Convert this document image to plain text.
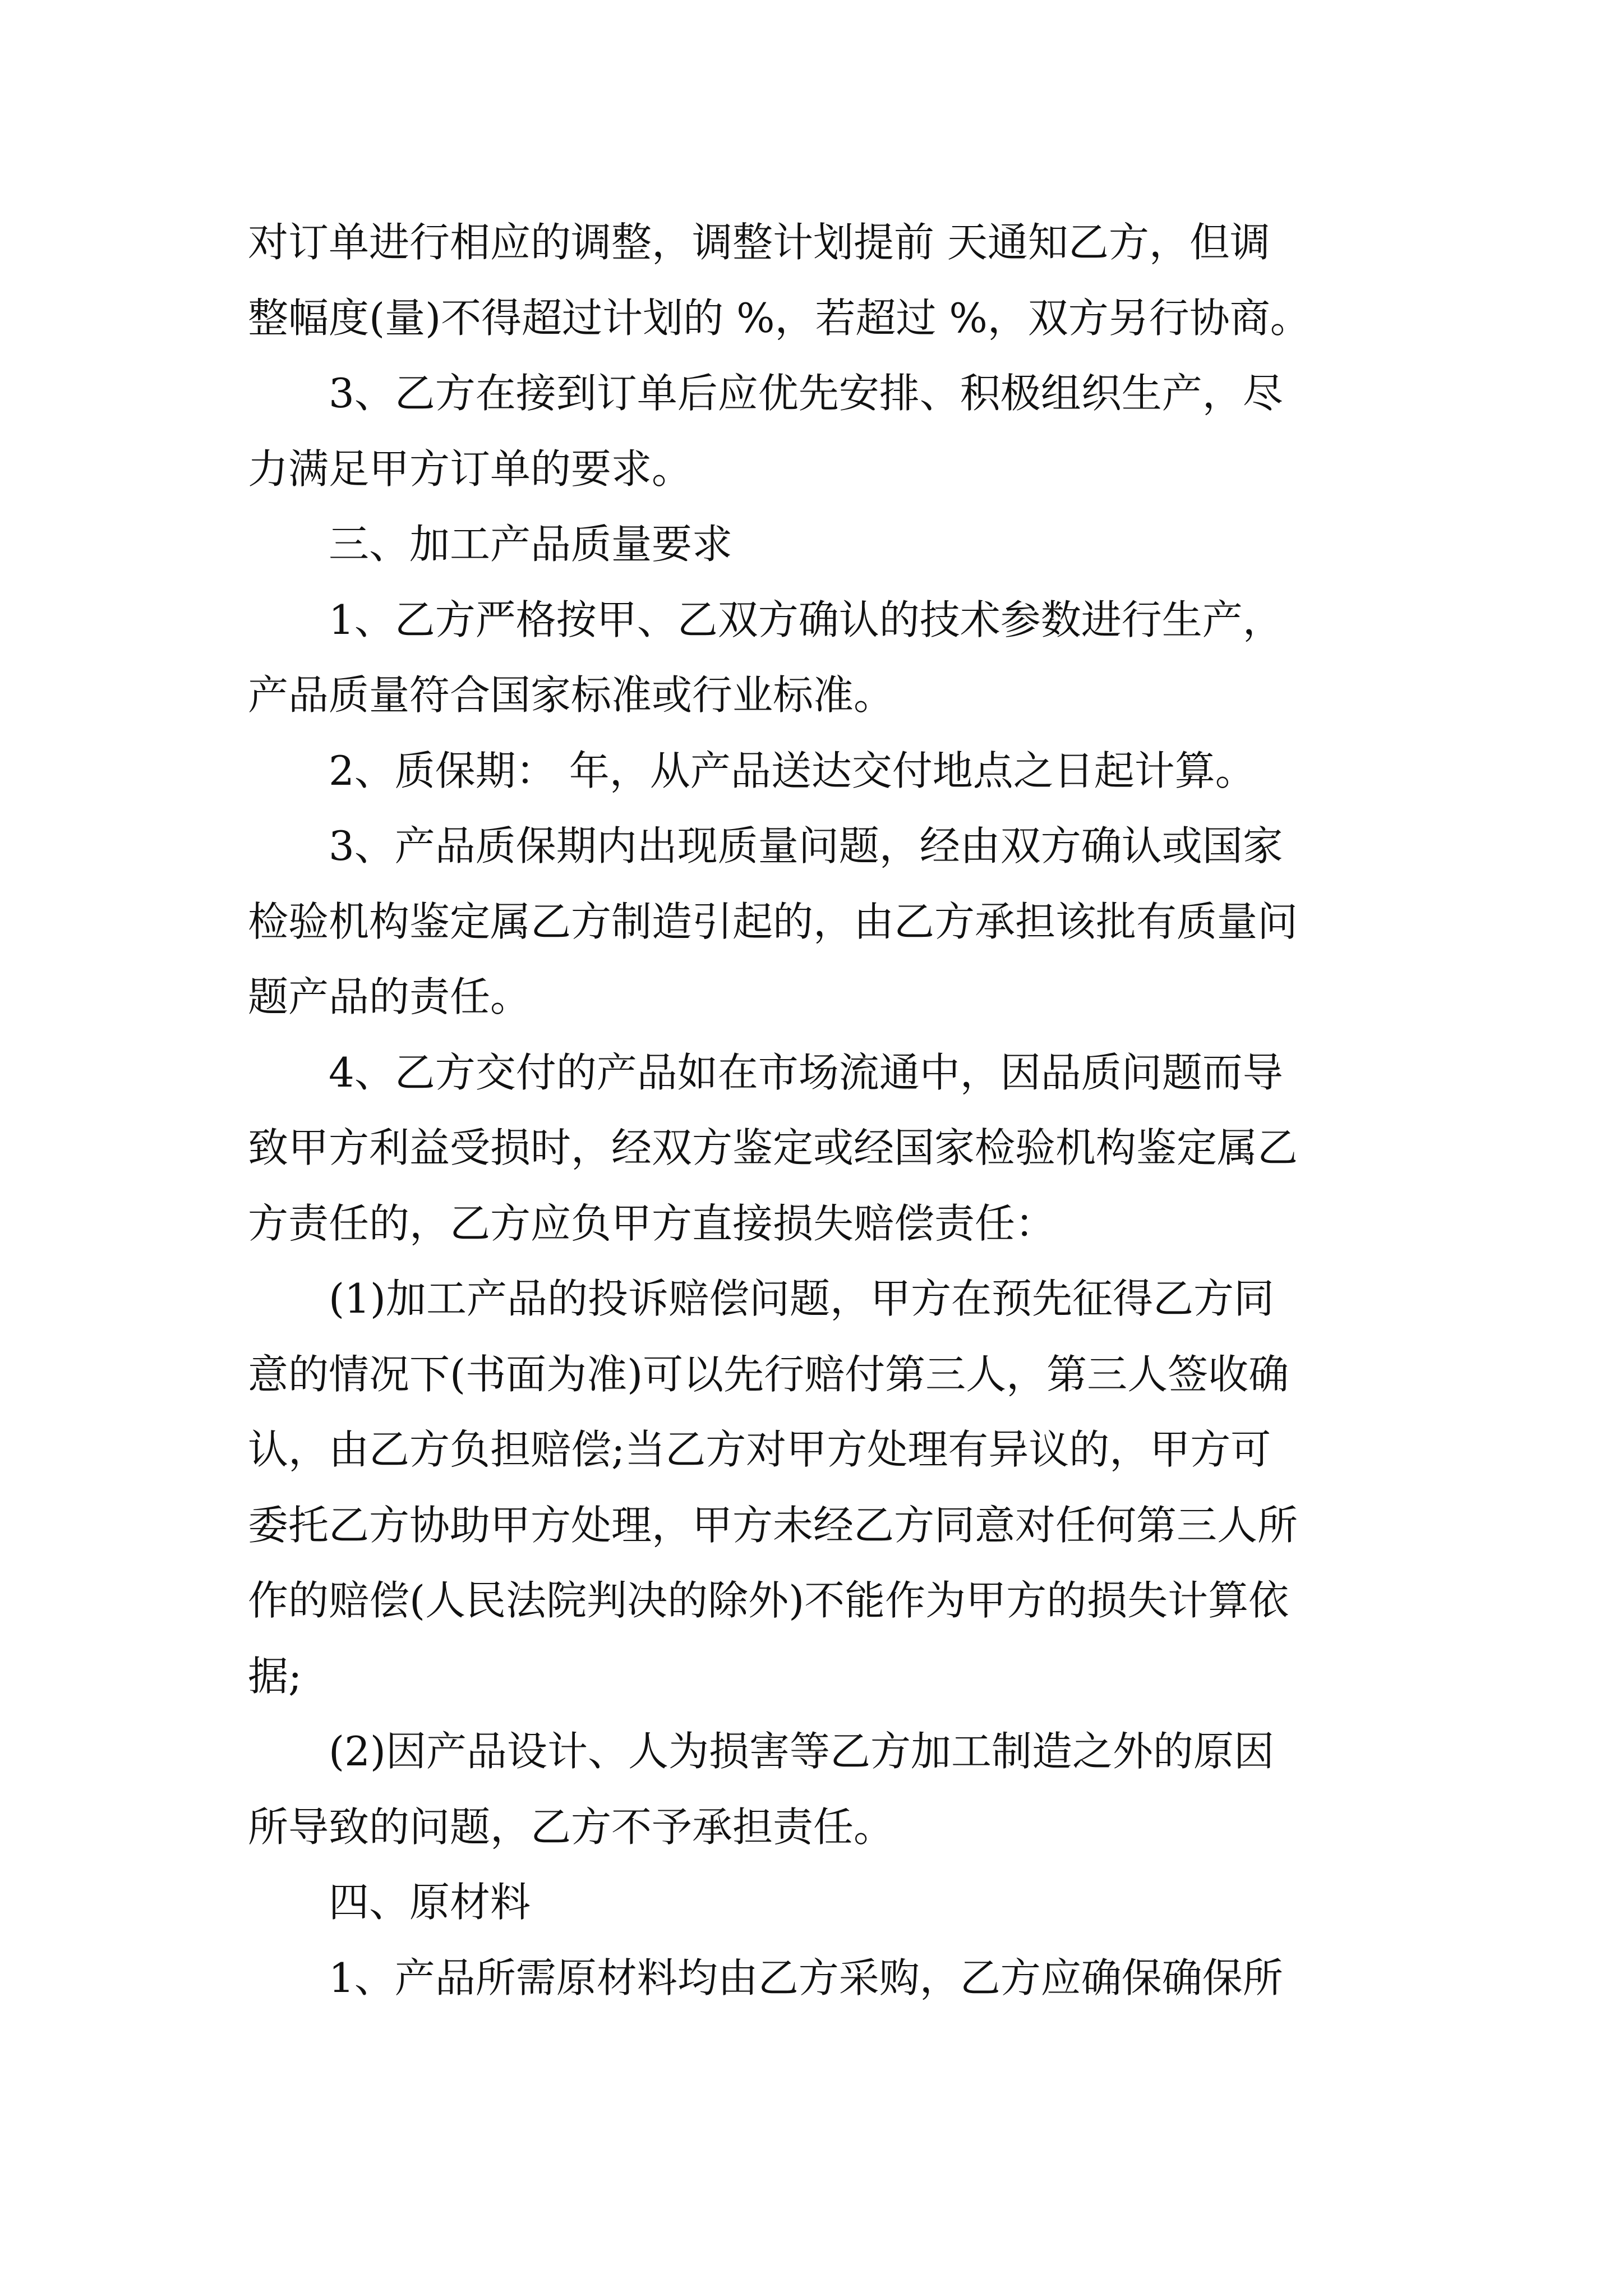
对订单进行相应的调整，调整计划提前 天通知乙方，但调
整幅度(量)不得超过计划的 %，若超过 %，双方另行协商。
　　3、乙方在接到订单后应优先安排、积极组织生产，尽
力满足甲方订单的要求。
　　三、加工产品质量要求
　　1、乙方严格按甲、乙双方确认的技术参数进行生产，
产品质量符合国家标准或行业标准。
　　2、质保期： 年，从产品送达交付地点之日起计算。
　　3、产品质保期内出现质量问题，经由双方确认或国家
检验机构鉴定属乙方制造引起的，由乙方承担该批有质量问
题产品的责任。
　　4、乙方交付的产品如在市场流通中，因品质问题而导
致甲方利益受损时，经双方鉴定或经国家检验机构鉴定属乙
方责任的，乙方应负甲方直接损失赔偿责任：
　　(1)加工产品的投诉赔偿问题，甲方在预先征得乙方同
意的情况下(书面为准)可以先行赔付第三人，第三人签收确
认，由乙方负担赔偿;当乙方对甲方处理有异议的，甲方可
委托乙方协助甲方处理，甲方未经乙方同意对任何第三人所
作的赔偿(人民法院判决的除外)不能作为甲方的损失计算依
据;
　　(2)因产品设计、人为损害等乙方加工制造之外的原因
所导致的问题，乙方不予承担责任。
　　四、原材料
　　1、产品所需原材料均由乙方采购，乙方应确保确保所
